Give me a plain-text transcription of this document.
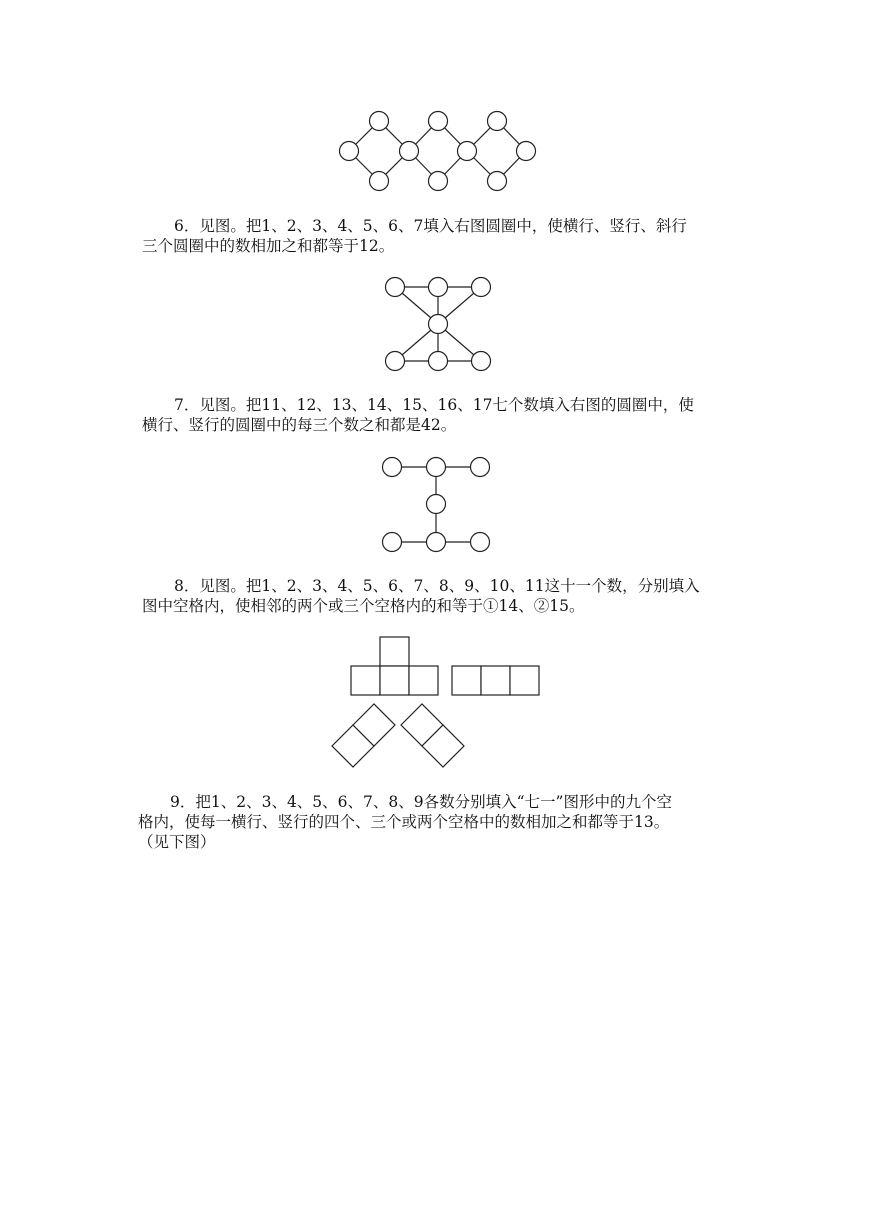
6．见图。把1、2、3、4、5、6、7填入右图圆圈中，使横行、竖行、斜行
三个圆圈中的数相加之和都等于12。
7．见图。把11、12、13、14、15、16、17七个数填入右图的圆圈中，使
横行、竖行的圆圈中的每三个数之和都是42。
8．见图。把1、2、3、4、5、6、7、8、9、10、11这十一个数，分别填入
图中空格内，使相邻的两个或三个空格内的和等于①14、②15。
9．把1、2、3、4、5、6、7、8、9各数分别填入“七一”图形中的九个空
格内，使每一横行、竖行的四个、三个或两个空格中的数相加之和都等于13。
（见下图）
